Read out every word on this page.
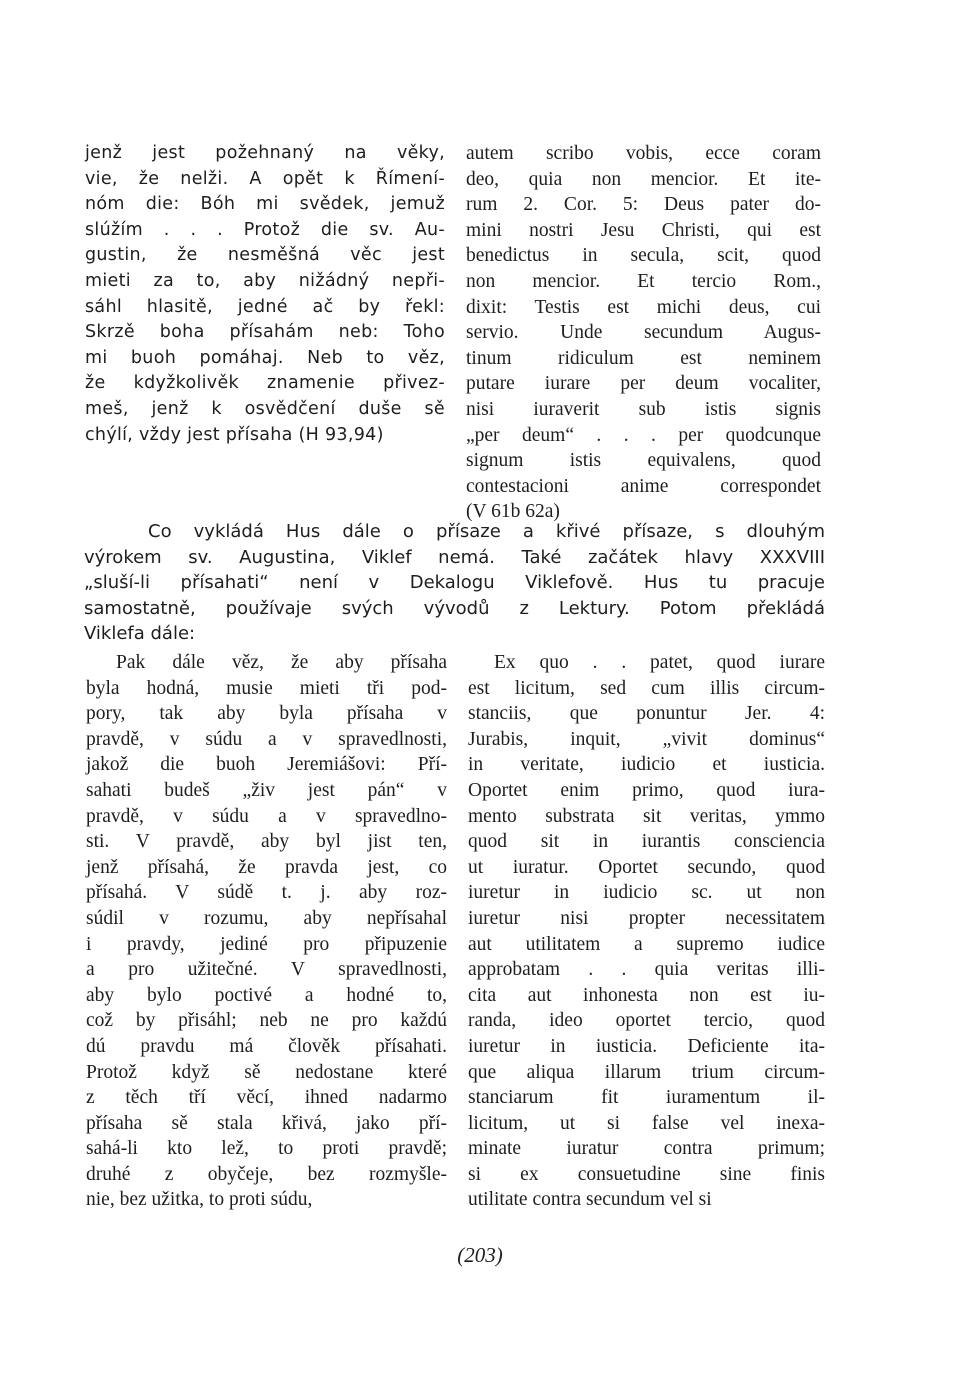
jenž jest požehnaný na věky,
vie, že nelži. A opět k Římení-
nóm die: Bóh mi svědek, jemuž
slúžím . . . Protož die sv. Au-
gustin, že nesměšná věc jest
mieti za to, aby nižádný nepři-
sáhl hlasitě, jedné ač by řekl:
Skrzě boha přísahám neb: Toho
mi buoh pomáhaj. Neb to věz,
že kdyžkolivěk znamenie přivez-
meš, jenž k osvědčení duše sě
chýlí, vždy jest přísaha (H 93,94)
autem scribo vobis, ecce coram
deo, quia non mencior. Et ite-
rum 2. Cor. 5: Deus pater do-
mini nostri Jesu Christi, qui est
benedictus in secula, scit, quod
non mencior. Et tercio Rom.,
dixit: Testis est michi deus, cui
servio. Unde secundum Augus-
tinum ridiculum est neminem
putare iurare per deum vocaliter,
nisi iuraverit sub istis signis
„per deum“ . . . per quodcunque
signum istis equivalens, quod
contestacioni anime correspondet
(V 61b 62a)
Co vykládá Hus dále o přísaze a křivé přísaze, s dlouhým
výrokem sv. Augustina, Viklef nemá. Také začátek hlavy XXXVIII
„sluší-li přísahati“ není v Dekalogu Viklefově. Hus tu pracuje
samostatně, používaje svých vývodů z Lektury. Potom překládá
Viklefa dále:
Pak dále věz, že aby přísaha
byla hodná, musie mieti tři pod-
pory, tak aby byla přísaha v
pravdě, v súdu a v spravedlnosti,
jakož die buoh Jeremiášovi: Pří-
sahati budeš „živ jest pán“ v
pravdě, v súdu a v spravedlno-
sti. V pravdě, aby byl jist ten,
jenž přísahá, že pravda jest, co
přísahá. V súdě t. j. aby roz-
súdil v rozumu, aby nepřísahal
i pravdy, jediné pro připuzenie
a pro užitečné. V spravedlnosti,
aby bylo poctivé a hodné to,
což by přisáhl; neb ne pro každú
dú pravdu má člověk přísahati.
Protož když sě nedostane které
z těch tří věcí, ihned nadarmo
přísaha sě stala křivá, jako pří-
sahá-li kto lež, to proti pravdě;
druhé z obyčeje, bez rozmyšle-
nie, bez užitka, to proti súdu,
Ex quo . . patet, quod iurare
est licitum, sed cum illis circum-
stanciis, que ponuntur Jer. 4:
Jurabis, inquit, „vivit dominus“
in veritate, iudicio et iusticia.
Oportet enim primo, quod iura-
mento substrata sit veritas, ymmo
quod sit in iurantis consciencia
ut iuratur. Oportet secundo, quod
iuretur in iudicio sc. ut non
iuretur nisi propter necessitatem
aut utilitatem a supremo iudice
approbatam . . quia veritas illi-
cita aut inhonesta non est iu-
randa, ideo oportet tercio, quod
iuretur in iusticia. Deficiente ita-
que aliqua illarum trium circum-
stanciarum fit iuramentum il-
licitum, ut si false vel inexa-
minate iuratur contra primum;
si ex consuetudine sine finis
utilitate contra secundum vel si
(203)
